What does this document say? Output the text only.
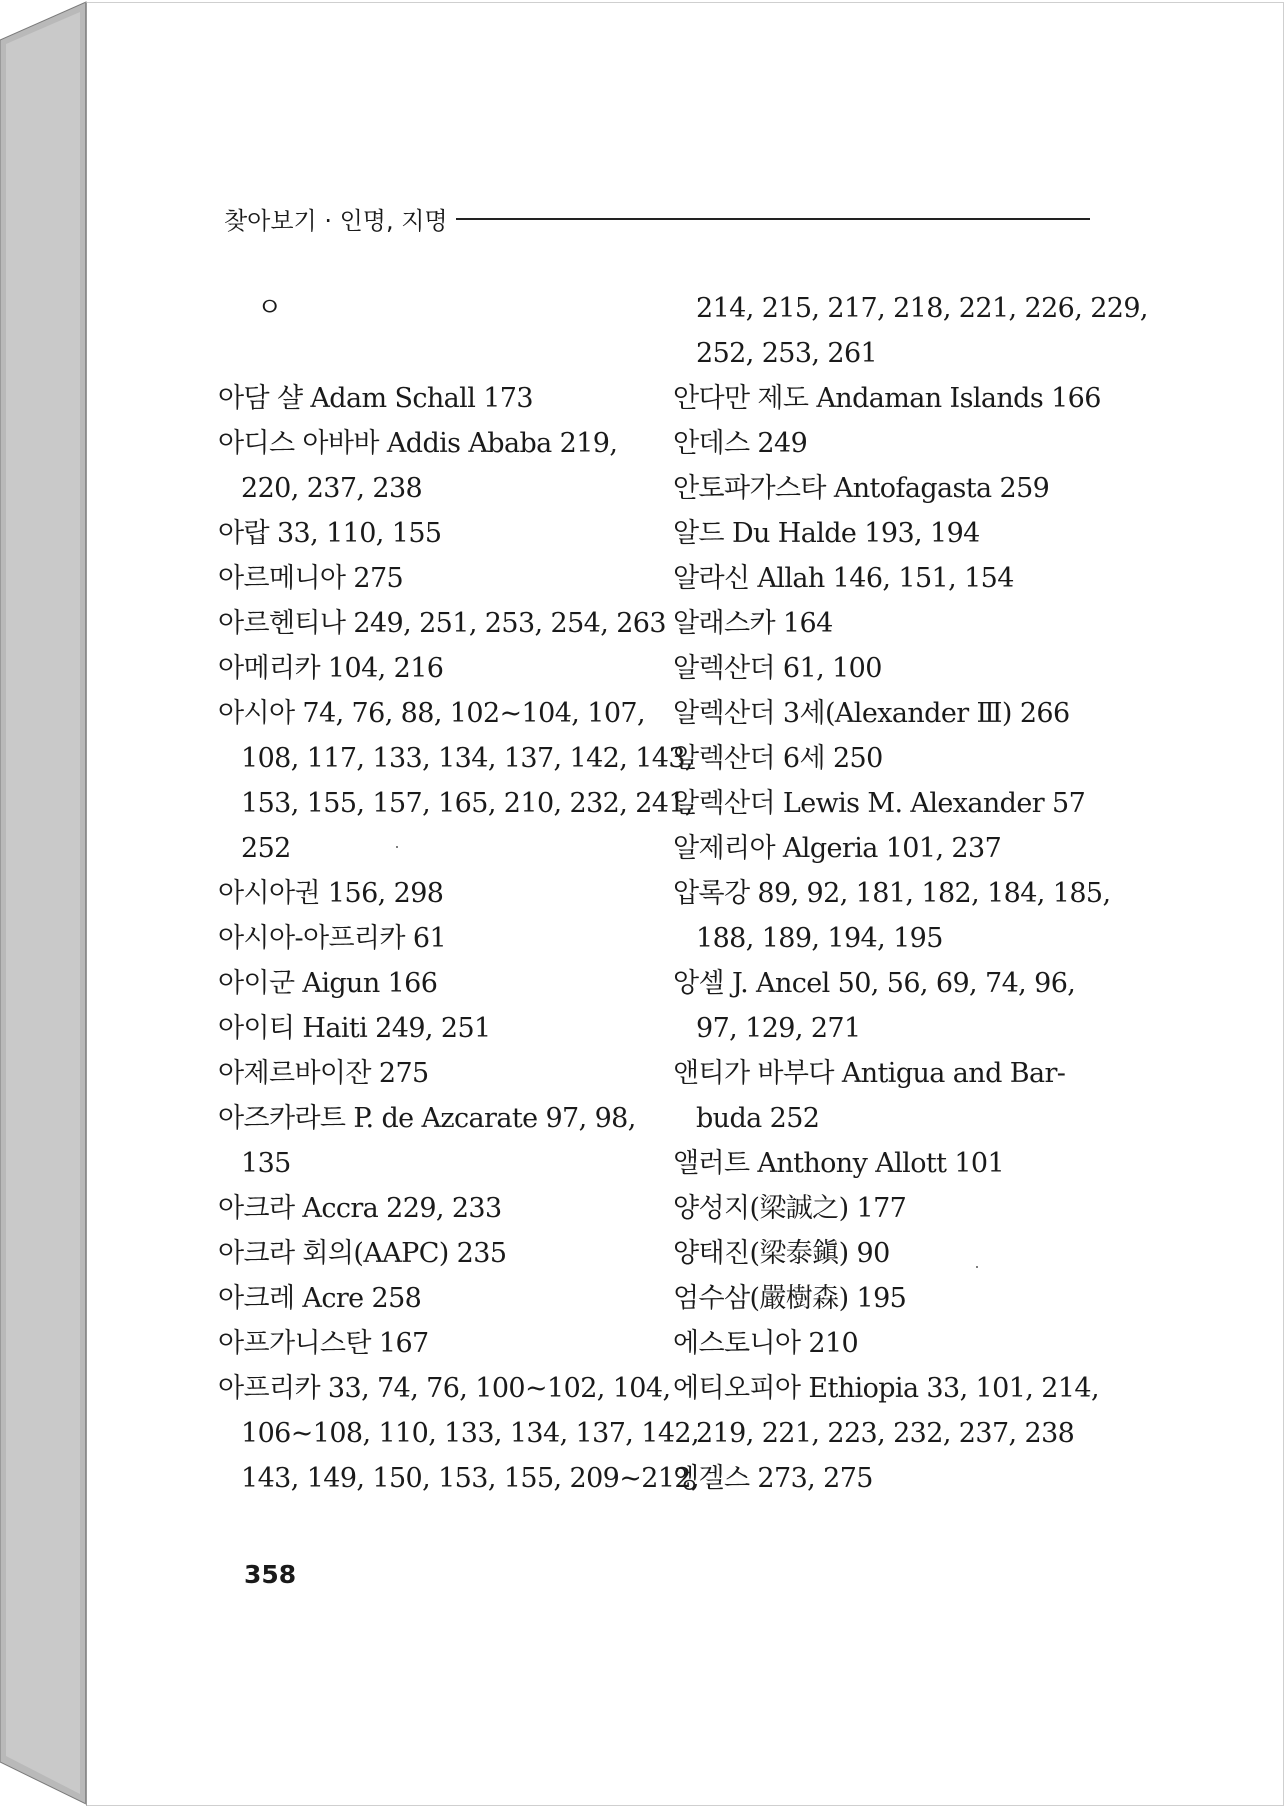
찾아보기 · 인명, 지명
ㅇ
아담 샬 Adam Schall 173
아디스 아바바 Addis Ababa 219,
220, 237, 238
아랍 33, 110, 155
아르메니아 275
아르헨티나 249, 251, 253, 254, 263
아메리카 104, 216
아시아 74, 76, 88, 102~104, 107,
108, 117, 133, 134, 137, 142, 143,
153, 155, 157, 165, 210, 232, 241,
252
아시아권 156, 298
아시아-아프리카 61
아이군 Aigun 166
아이티 Haiti 249, 251
아제르바이잔 275
아즈카라트 P. de Azcarate 97, 98,
135
아크라 Accra 229, 233
아크라 회의(AAPC) 235
아크레 Acre 258
아프가니스탄 167
아프리카 33, 74, 76, 100~102, 104,
106~108, 110, 133, 134, 137, 142,
143, 149, 150, 153, 155, 209~212,
214, 215, 217, 218, 221, 226, 229,
252, 253, 261
안다만 제도 Andaman Islands 166
안데스 249
안토파가스타 Antofagasta 259
알드 Du Halde 193, 194
알라신 Allah 146, 151, 154
알래스카 164
알렉산더 61, 100
알렉산더 3세(Alexander Ⅲ) 266
알렉산더 6세 250
알렉산더 Lewis M. Alexander 57
알제리아 Algeria 101, 237
압록강 89, 92, 181, 182, 184, 185,
188, 189, 194, 195
앙셀 J. Ancel 50, 56, 69, 74, 96,
97, 129, 271
앤티가 바부다 Antigua and Bar-
buda 252
앨러트 Anthony Allott 101
양성지(梁誠之) 177
양태진(梁泰鎭) 90
엄수삼(嚴樹森) 195
에스토니아 210
에티오피아 Ethiopia 33, 101, 214,
219, 221, 223, 232, 237, 238
엥겔스 273, 275
358
